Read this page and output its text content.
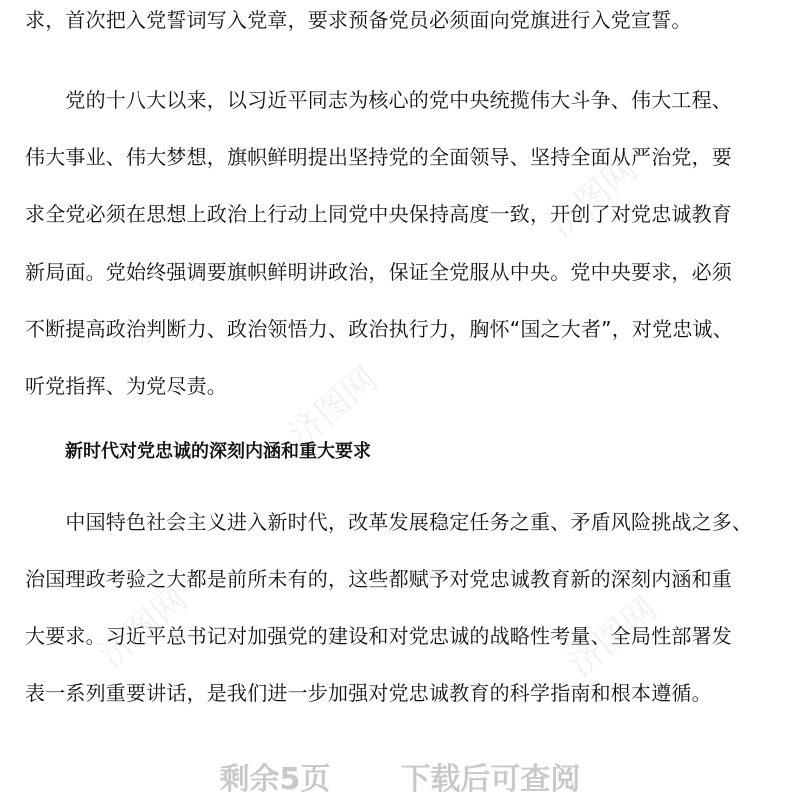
济图网
济图网
济图网	济图网
求，首次把入党誓词写入党章，要求预备党员必须面向党旗进行入党宣誓。
　　党的十八大以来，以习近平同志为核心的党中央统揽伟大斗争、伟大工程、
伟大事业、伟大梦想，旗帜鲜明提出坚持党的全面领导、坚持全面从严治党，要
求全党必须在思想上政治上行动上同党中央保持高度一致，开创了对党忠诚教育
新局面。党始终强调要旗帜鲜明讲政治，保证全党服从中央。党中央要求，必须
不断提高政治判断力、政治领悟力、政治执行力，胸怀“国之大者”，对党忠诚、
听党指挥、为党尽责。
新时代对党忠诚的深刻内涵和重大要求
　　中国特色社会主义进入新时代，改革发展稳定任务之重、矛盾风险挑战之多、
治国理政考验之大都是前所未有的，这些都赋予对党忠诚教育新的深刻内涵和重
大要求。习近平总书记对加强党的建设和对党忠诚的战略性考量、全局性部署发
表一系列重要讲话，是我们进一步加强对党忠诚教育的科学指南和根本遵循。
剩余5页 下载后可查阅
